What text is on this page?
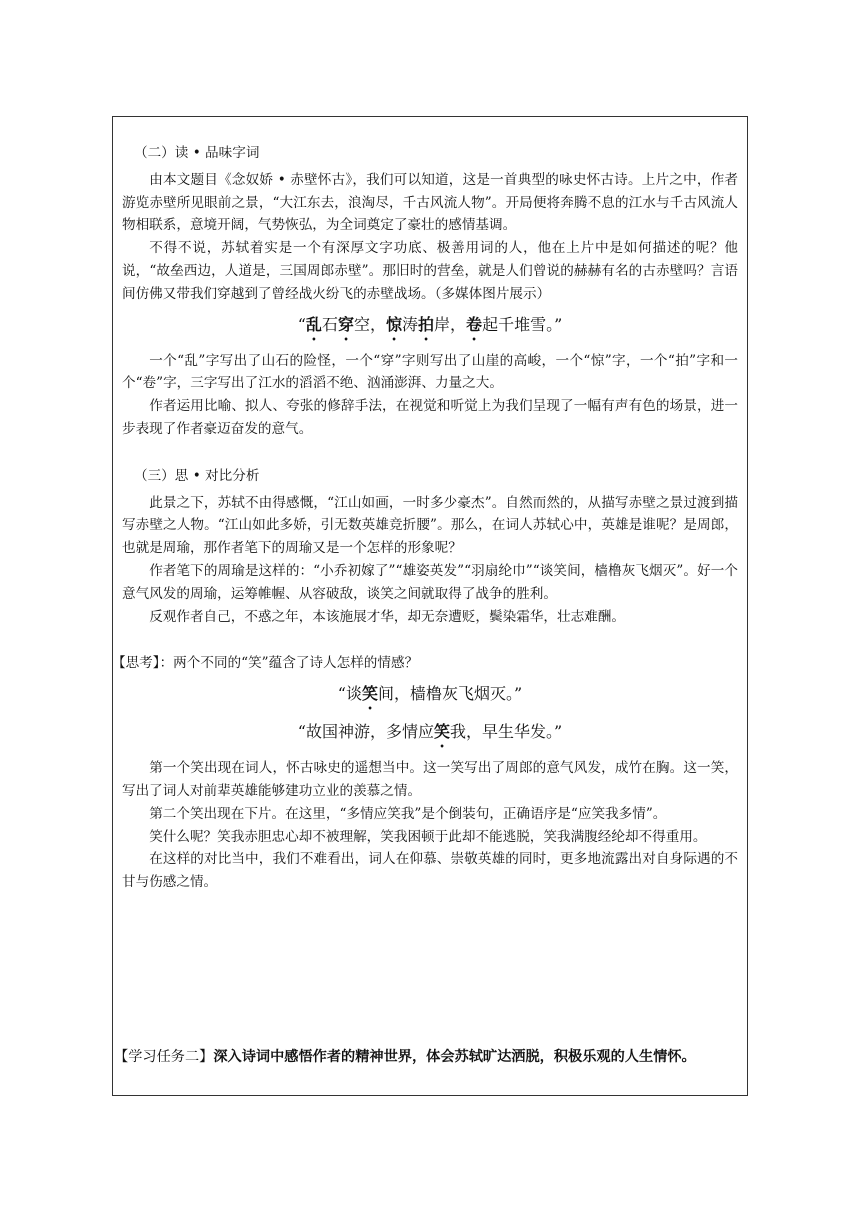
（二）读 • 品味字词

由本文题目《念奴娇 • 赤壁怀古》，我们可以知道，这是一首典型的咏史怀古诗。上片之中，作者游览赤壁所见眼前之景，“大江东去，浪淘尽，千古风流人物”。开局便将奔腾不息的江水与千古风流人物相联系，意境开阔，气势恢弘，为全词奠定了豪壮的感情基调。

不得不说，苏轼着实是一个有深厚文字功底、极善用词的人，他在上片中是如何描述的呢？他说，“故垒西边，人道是，三国周郎赤壁”。那旧时的营垒，就是人们曾说的赫赫有名的古赤壁吗？言语间仿佛又带我们穿越到了曾经战火纷飞的赤壁战场。（多媒体图片展示）

“乱石穿空，惊涛拍岸，卷起千堆雪。”

一个“乱”字写出了山石的险怪，一个“穿”字则写出了山崖的高峻，一个“惊”字，一个“拍”字和一个“卷”字，三字写出了江水的滔滔不绝、汹涌澎湃、力量之大。

作者运用比喻、拟人、夸张的修辞手法，在视觉和听觉上为我们呈现了一幅有声有色的场景，进一步表现了作者豪迈奋发的意气。

（三）思 • 对比分析

此景之下，苏轼不由得感慨，“江山如画，一时多少豪杰”。自然而然的，从描写赤壁之景过渡到描写赤壁之人物。“江山如此多娇，引无数英雄竞折腰”。那么，在词人苏轼心中，英雄是谁呢？是周郎，也就是周瑜，那作者笔下的周瑜又是一个怎样的形象呢？

作者笔下的周瑜是这样的：“小乔初嫁了”“雄姿英发”“羽扇纶巾”“谈笑间，樯橹灰飞烟灭”。好一个意气风发的周瑜，运筹帷幄、从容破敌，谈笑之间就取得了战争的胜利。

反观作者自己，不惑之年，本该施展才华，却无奈遭贬，鬓染霜华，壮志难酬。

【思考】：两个不同的“笑”蕴含了诗人怎样的情感？

“谈笑间，樯橹灰飞烟灭。”

“故国神游，多情应笑我，早生华发。”

第一个笑出现在词人，怀古咏史的遥想当中。这一笑写出了周郎的意气风发，成竹在胸。这一笑，写出了词人对前辈英雄能够建功立业的羡慕之情。

第二个笑出现在下片。在这里，“多情应笑我”是个倒装句，正确语序是“应笑我多情”。

笑什么呢？笑我赤胆忠心却不被理解，笑我困顿于此却不能逃脱，笑我满腹经纶却不得重用。

在这样的对比当中，我们不难看出，词人在仰慕、崇敬英雄的同时，更多地流露出对自身际遇的不甘与伤感之情。

【学习任务二】深入诗词中感悟作者的精神世界，体会苏轼旷达洒脱，积极乐观的人生情怀。
